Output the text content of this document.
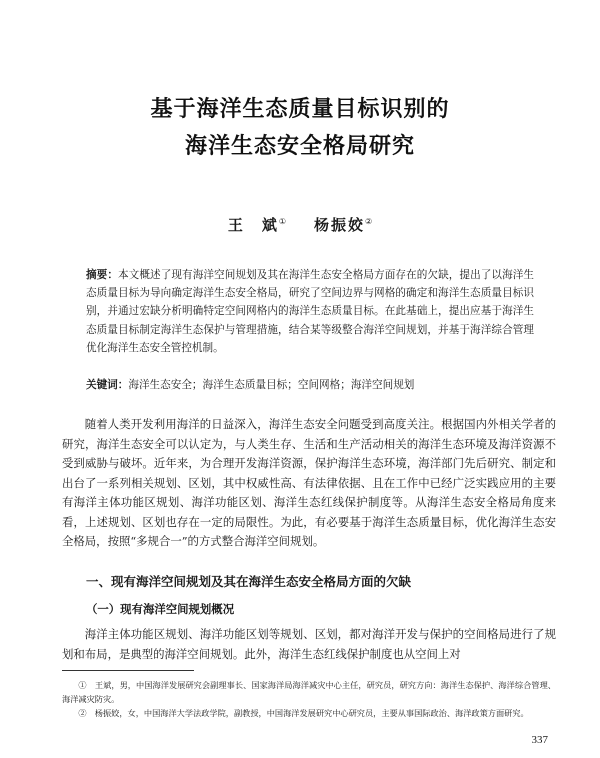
基于海洋生态质量目标识别的
海洋生态安全格局研究
王　斌① 杨振姣②
摘要：本文概述了现有海洋空间规划及其在海洋生态安全格局方面存在的欠缺，提出了以海洋生态质量目标为导向确定海洋生态安全格局，研究了空间边界与网格的确定和海洋生态质量目标识别，并通过宏缺分析明确特定空间网格内的海洋生态质量目标。在此基础上，提出应基于海洋生态质量目标制定海洋生态保护与管理措施，结合某等级整合海洋空间规划，并基于海洋综合管理优化海洋生态安全管控机制。
关键词：海洋生态安全；海洋生态质量目标；空间网格；海洋空间规划
随着人类开发利用海洋的日益深入，海洋生态安全问题受到高度关注。根据国内外相关学者的研究，海洋生态安全可以认定为，与人类生存、生活和生产活动相关的海洋生态环境及海洋资源不受到威胁与破坏。近年来，为合理开发海洋资源，保护海洋生态环境，海洋部门先后研究、制定和出台了一系列相关规划、区划，其中权威性高、有法律依据、且在工作中已经广泛实践应用的主要有海洋主体功能区规划、海洋功能区划、海洋生态红线保护制度等。从海洋生态安全格局角度来看，上述规划、区划也存在一定的局限性。为此，有必要基于海洋生态质量目标，优化海洋生态安全格局，按照“多规合一”的方式整合海洋空间规划。
一、现有海洋空间规划及其在海洋生态安全格局方面的欠缺
（一）现有海洋空间规划概况
海洋主体功能区规划、海洋功能区划等规划、区划，都对海洋开发与保护的空间格局进行了规划和布局，是典型的海洋空间规划。此外，海洋生态红线保护制度也从空间上对
①　王斌，男，中国海洋发展研究会副理事长、国家海洋局海洋减灾中心主任，研究员，研究方向：海洋生态保护、海洋综合管理、海洋减灾防灾。
②　杨振姣，女，中国海洋大学法政学院，副教授，中国海洋发展研究中心研究员，主要从事国际政治、海洋政策方面研究。
337
